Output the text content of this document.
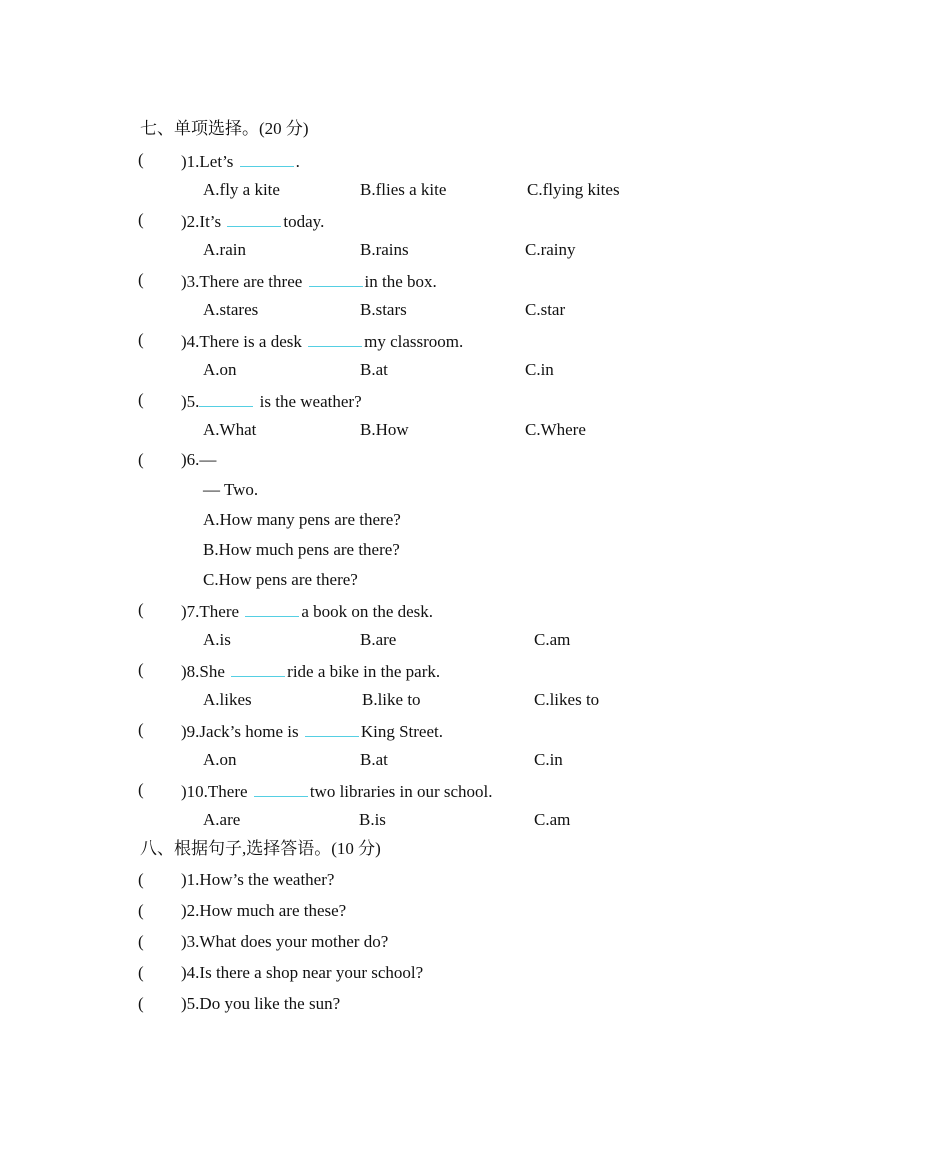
七、单项选择。(20 分)
( )1.Let’s	.
A.fly a kite	B.flies a kite	C.flying kites
( )2.It’s	today.
A.rain	B.rains	C.rainy
( )3.There are three	in the box.
A.stares	B.stars	C.star
( )4.There is a desk	my classroom.
A.on	B.at	C.in
( )5.	is the weather?
A.What	B.How	C.Where
( )6.—
— Two.
A.How many pens are there?
B.How much pens are there?
C.How pens are there?
( )7.There	a book on the desk.
A.is	B.are	C.am
( )8.She	ride a bike in the park.
A.likes	B.like to	C.likes to
( )9.Jack’s home is	King Street.
A.on	B.at	C.in
( )10.There	two libraries in our school.
A.are	B.is	C.am
八、根据句子,选择答语。(10 分)
( )1.How’s the weather?
( )2.How much are these?
( )3.What does your mother do?
( )4.Is there a shop near your school?
( )5.Do you like the sun?
